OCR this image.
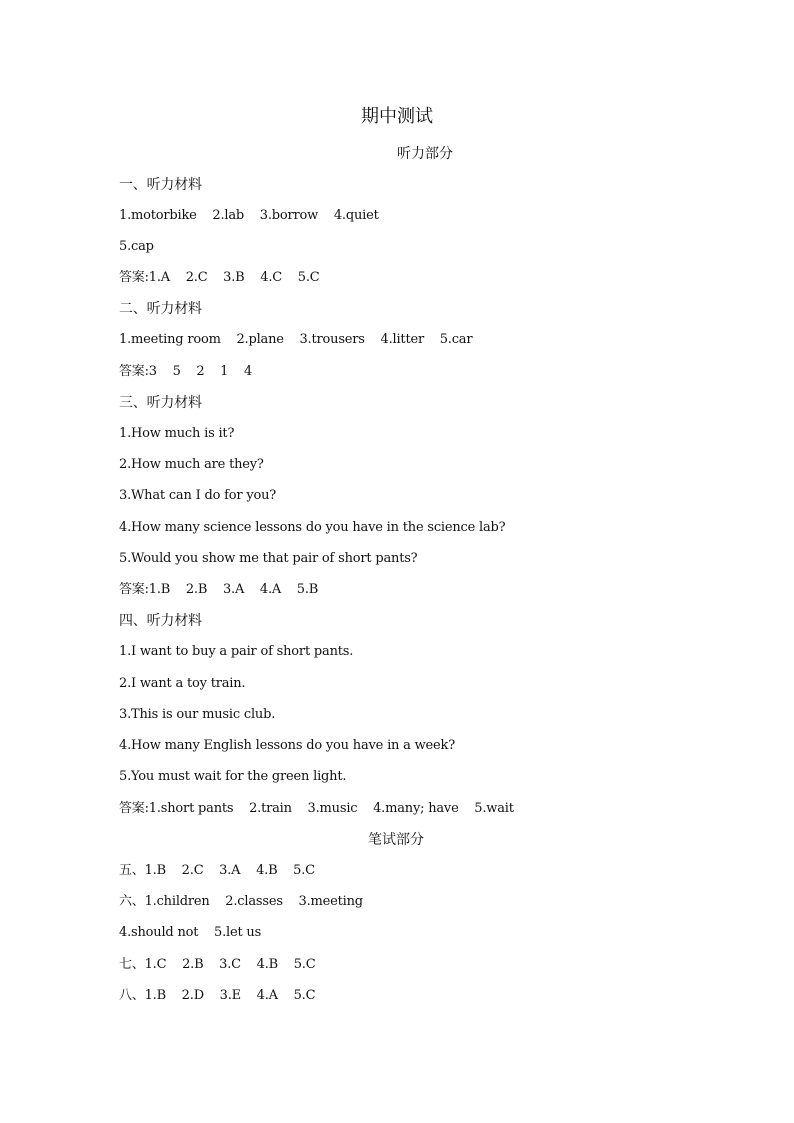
期中测试
听力部分
一、听力材料
1.motorbike    2.lab    3.borrow    4.quiet
5.cap
答案:1.A    2.C    3.B    4.C    5.C
二、听力材料
1.meeting room    2.plane    3.trousers    4.litter    5.car
答案:3    5    2    1    4
三、听力材料
1.How much is it?
2.How much are they?
3.What can I do for you?
4.How many science lessons do you have in the science lab?
5.Would you show me that pair of short pants?
答案:1.B    2.B    3.A    4.A    5.B
四、听力材料
1.I want to buy a pair of short pants.
2.I want a toy train.
3.This is our music club.
4.How many English lessons do you have in a week?
5.You must wait for the green light.
答案:1.short pants    2.train    3.music    4.many; have    5.wait
笔试部分
五、1.B    2.C    3.A    4.B    5.C
六、1.children    2.classes    3.meeting
4.should not    5.let us
七、1.C    2.B    3.C    4.B    5.C
八、1.B    2.D    3.E    4.A    5.C
